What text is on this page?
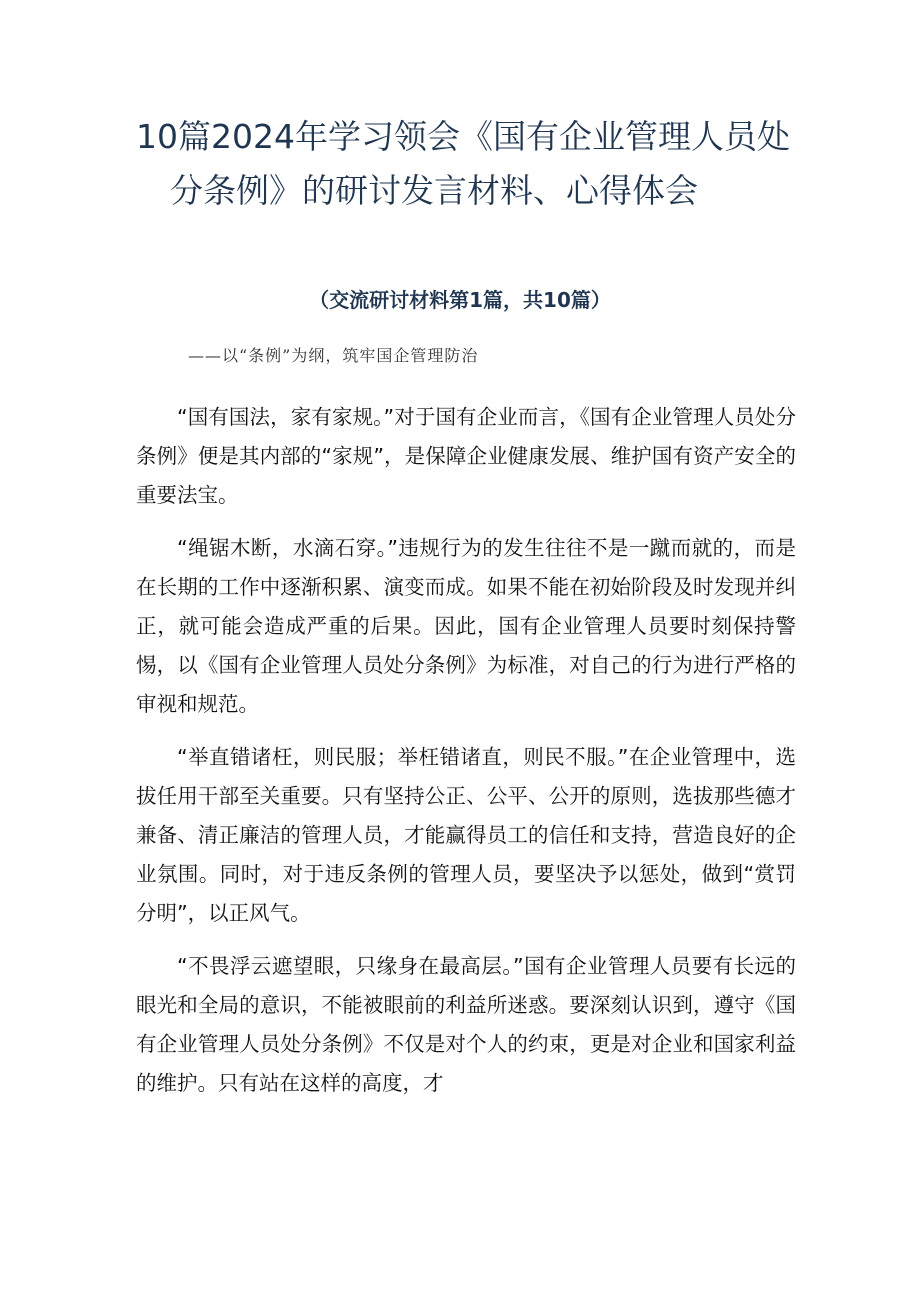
10篇2024年学习领会《国有企业管理人员处
分条例》的研讨发言材料、心得体会

（交流研讨材料第1篇，共10篇）

——以“条例”为纲，筑牢国企管理防治

“国有国法，家有家规。”对于国有企业而言，《国有企业管理人员处分条例》便是其内部的“家规”，是保障企业健康发展、维护国有资产安全的重要法宝。

“绳锯木断，水滴石穿。”违规行为的发生往往不是一蹴而就的，而是在长期的工作中逐渐积累、演变而成。如果不能在初始阶段及时发现并纠正，就可能会造成严重的后果。因此，国有企业管理人员要时刻保持警惕，以《国有企业管理人员处分条例》为标准，对自己的行为进行严格的审视和规范。

“举直错诸枉，则民服；举枉错诸直，则民不服。”在企业管理中，选拔任用干部至关重要。只有坚持公正、公平、公开的原则，选拔那些德才兼备、清正廉洁的管理人员，才能赢得员工的信任和支持，营造良好的企业氛围。同时，对于违反条例的管理人员，要坚决予以惩处，做到“赏罚分明”，以正风气。

“不畏浮云遮望眼，只缘身在最高层。”国有企业管理人员要有长远的眼光和全局的意识，不能被眼前的利益所迷惑。要深刻认识到，遵守《国有企业管理人员处分条例》不仅是对个人的约束，更是对企业和国家利益的维护。只有站在这样的高度，才
